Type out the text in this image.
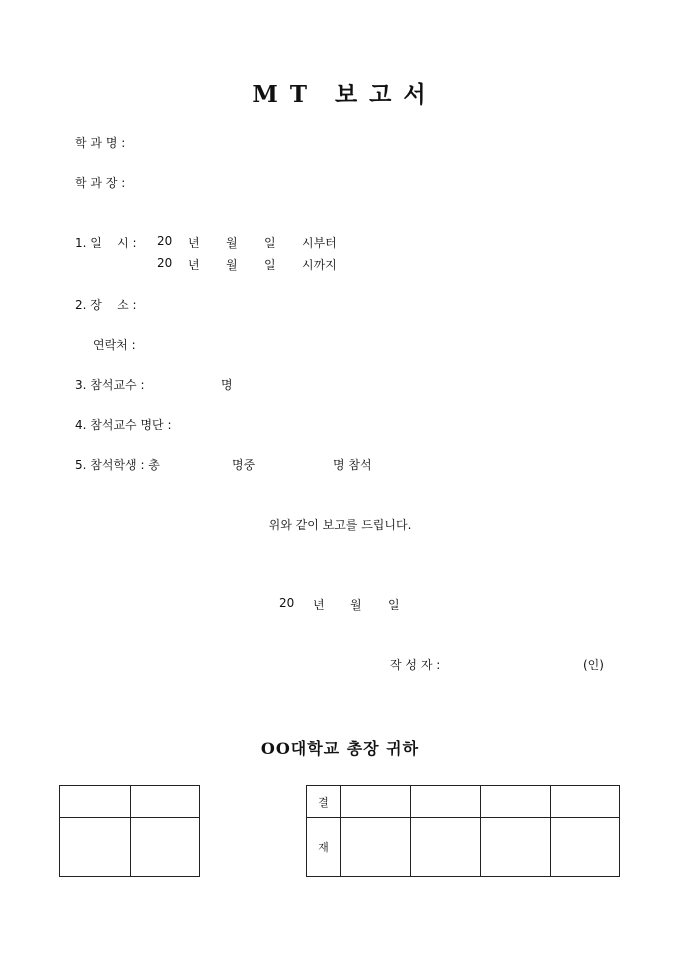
M T 보 고 서
학 과 명 :
학 과 장 :
1. 일    시 : 20 년 월 일 시부터
20 년 월 일 시까지
2. 장    소 :
연락처 :
3. 참석교수 :	명
4. 참석교수 명단 :
5. 참석학생 : 총	명중	명 참석
위와 같이 보고를 드립니다.
20 년 월 일
작 성 자 :	(인)
OO대학교 총장 귀하

결				
재				
